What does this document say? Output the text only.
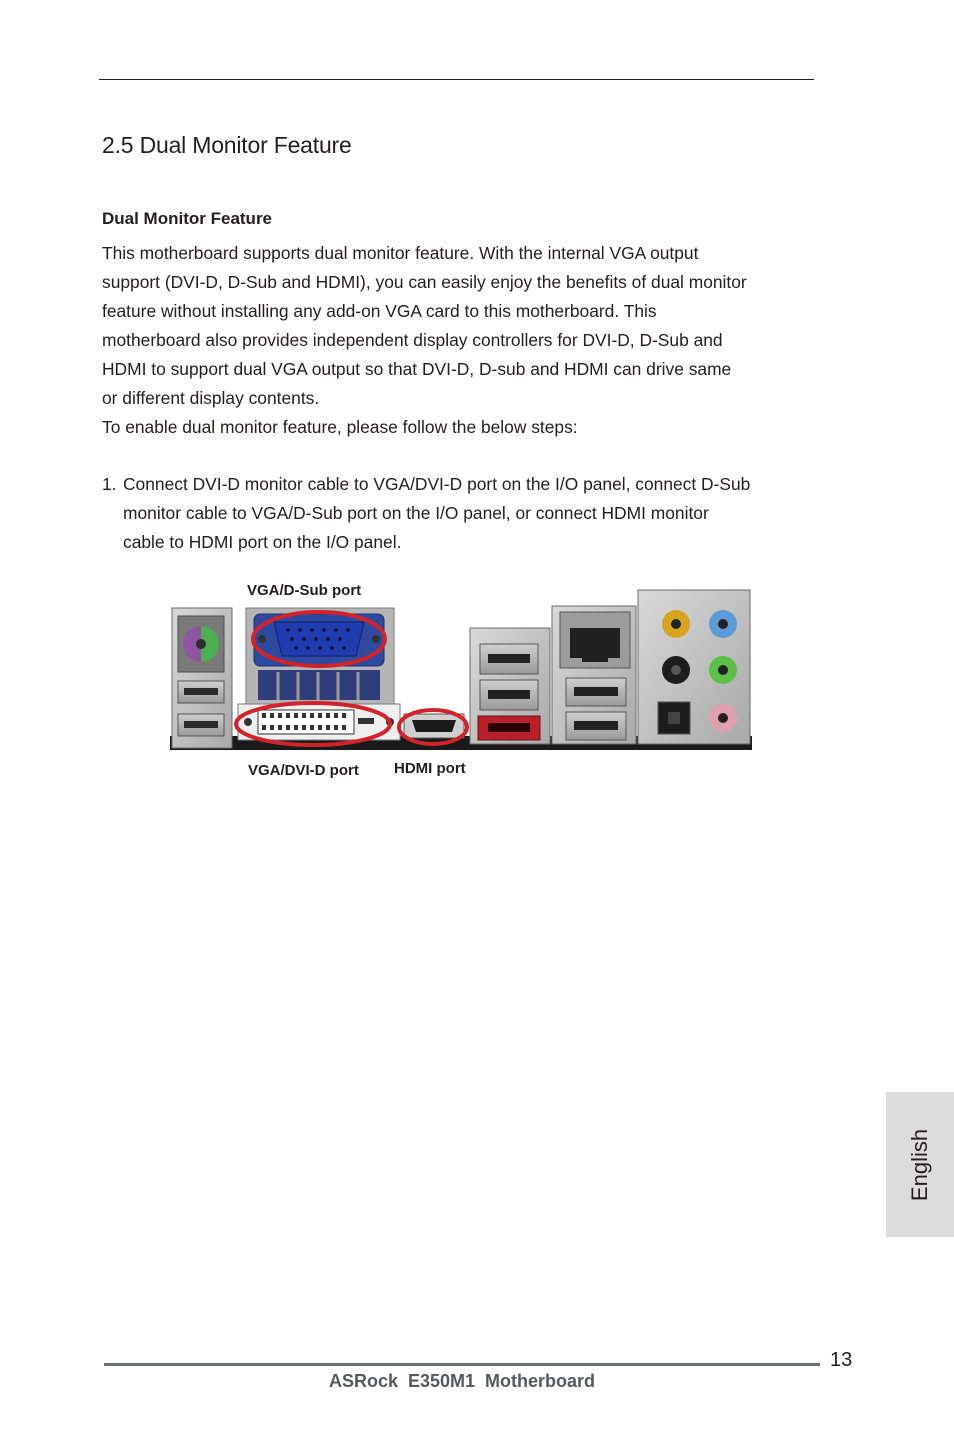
2.5 Dual Monitor Feature
Dual Monitor Feature

This motherboard supports dual monitor feature. With the internal VGA output

support (DVI-D, D-Sub and HDMI), you can easily enjoy the benefits of dual monitor

feature without installing any add-on VGA card to this motherboard. This

motherboard also provides independent display controllers for DVI-D, D-Sub and

HDMI to support dual VGA output so that DVI-D, D-sub and HDMI can drive same

or different display contents.

To enable dual monitor feature, please follow the below steps:

1. Connect DVI-D monitor cable to VGA/DVI-D port on the I/O panel, connect D-Sub

monitor cable to VGA/D-Sub port on the I/O panel, or connect HDMI monitor

cable to HDMI port on the I/O panel.

VGA/D-Sub port
VGA/DVI-D port HDMI port
English
13
ASRock  E350M1  Motherboard
